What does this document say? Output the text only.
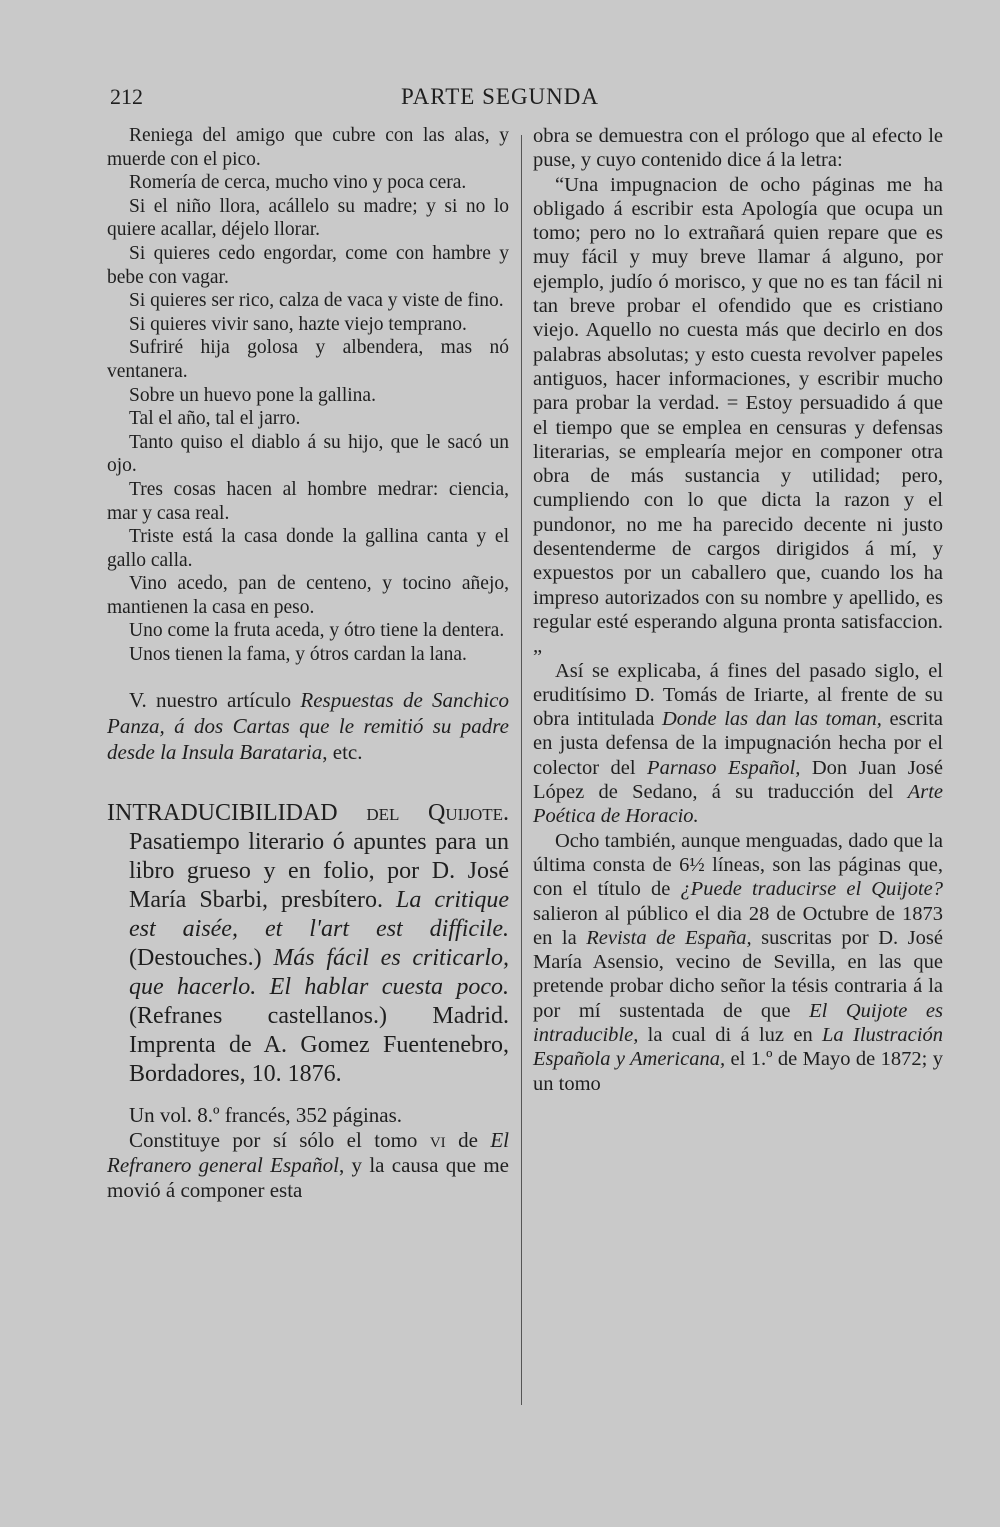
212	PARTE SEGUNDA

Reniega del amigo que cubre con las alas, y muerde con el pico.

Romería de cerca, mucho vino y poca cera.

Si el niño llora, acállelo su madre; y si no lo quiere acallar, déjelo llorar.

Si quieres cedo engordar, come con hambre y bebe con vagar.

Si quieres ser rico, calza de vaca y viste de fino.

Si quieres vivir sano, hazte viejo temprano.

Sufriré hija golosa y albendera, mas nó ventanera.

Sobre un huevo pone la gallina.

Tal el año, tal el jarro.

Tanto quiso el diablo á su hijo, que le sacó un ojo.

Tres cosas hacen al hombre medrar: ciencia, mar y casa real.

Triste está la casa donde la gallina canta y el gallo calla.

Vino acedo, pan de centeno, y tocino añejo, mantienen la casa en peso.

Uno come la fruta aceda, y ótro tiene la dentera.

Unos tienen la fama, y ótros cardan la lana.

V. nuestro artículo Respuestas de Sanchico Panza, á dos Cartas que le remitió su padre desde la Insula Barataria, etc.

INTRADUCIBILIDAD del Quijote. Pasatiempo literario ó apuntes para un libro grueso y en folio, por D. José María Sbarbi, presbítero. La critique est aisée, et l'art est difficile. (Destouches.) Más fácil es criticarlo, que hacerlo. El hablar cuesta poco. (Refranes castellanos.) Madrid. Imprenta de A. Gomez Fuentenebro, Bordadores, 10. 1876.

Un vol. 8.º francés, 352 páginas.

Constituye por sí sólo el tomo vi de El Refranero general Español, y la causa que me movió á componer esta

obra se demuestra con el prólogo que al efecto le puse, y cuyo contenido dice á la letra:

“Una impugnacion de ocho páginas me ha obligado á escribir esta Apología que ocupa un tomo; pero no lo extrañará quien repare que es muy fácil y muy breve llamar á alguno, por ejemplo, judío ó morisco, y que no es tan fácil ni tan breve probar el ofendido que es cristiano viejo. Aquello no cuesta más que decirlo en dos palabras absolutas; y esto cuesta revolver papeles antiguos, hacer informaciones, y escribir mucho para probar la verdad. = Estoy persuadido á que el tiempo que se emplea en censuras y defensas literarias, se emplearía mejor en componer otra obra de más sustancia y utilidad; pero, cumpliendo con lo que dicta la razon y el pundonor, no me ha parecido decente ni justo desentenderme de cargos dirigidos á mí, y expuestos por un caballero que, cuando los ha impreso autorizados con su nombre y apellido, es regular esté esperando alguna pronta satisfaccion.„

Así se explicaba, á fines del pasado siglo, el eruditísimo D. Tomás de Iriarte, al frente de su obra intitulada Donde las dan las toman, escrita en justa defensa de la impugnación hecha por el colector del Parnaso Español, Don Juan José López de Sedano, á su traducción del Arte Poética de Horacio.

Ocho también, aunque menguadas, dado que la última consta de 6½ líneas, son las páginas que, con el título de ¿Puede traducirse el Quijote? salieron al público el dia 28 de Octubre de 1873 en la Revista de España, suscritas por D. José María Asensio, vecino de Sevilla, en las que pretende probar dicho señor la tésis contraria á la por mí sustentada de que El Quijote es intraducible, la cual di á luz en La Ilustración Española y Americana, el 1.º de Mayo de 1872; y un tomo
